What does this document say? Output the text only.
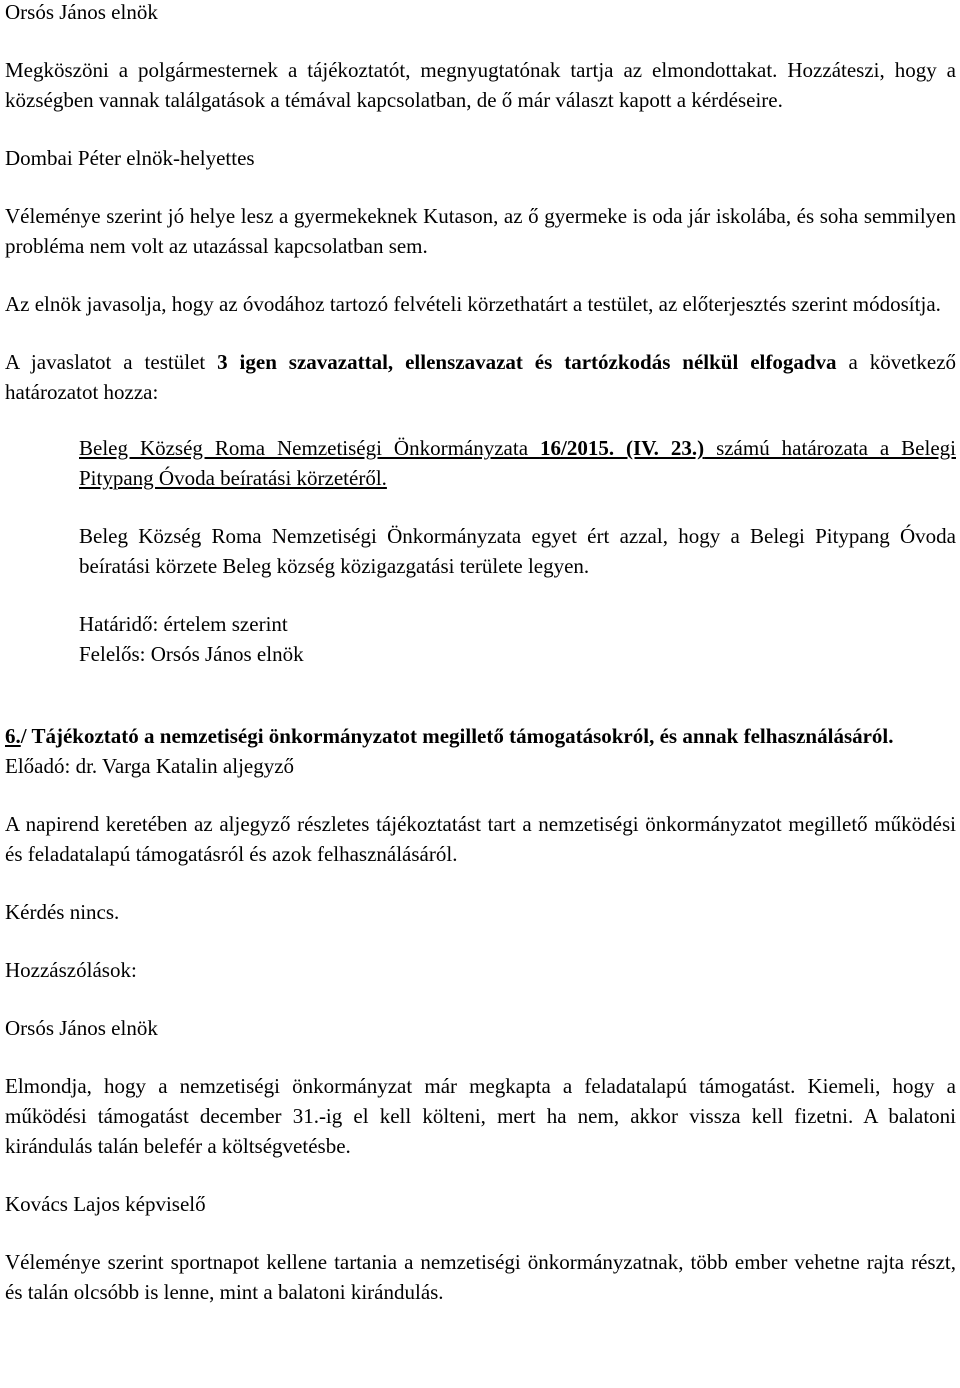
Orsós János elnök

Megköszöni a polgármesternek a tájékoztatót, megnyugtatónak tartja az elmondottakat. Hozzáteszi, hogy a községben vannak találgatások a témával kapcsolatban, de ő már választ kapott a kérdéseire.

Dombai Péter elnök-helyettes

Véleménye szerint jó helye lesz a gyermekeknek Kutason, az ő gyermeke is oda jár iskolába, és soha semmilyen probléma nem volt az utazással kapcsolatban sem.

Az elnök javasolja, hogy az óvodához tartozó felvételi körzethatárt a testület, az előterjesztés szerint módosítja.

A javaslatot a testület 3 igen szavazattal, ellenszavazat és tartózkodás nélkül elfogadva a következő határozatot hozza:

Beleg Község Roma Nemzetiségi Önkormányzata 16/2015. (IV. 23.) számú határozata a Belegi Pitypang Óvoda beíratási körzetéről.

Beleg Község Roma Nemzetiségi Önkormányzata egyet ért azzal, hogy a Belegi Pitypang Óvoda beíratási körzete Beleg község közigazgatási területe legyen.

Határidő: értelem szerint

Felelős: Orsós János elnök

6./ Tájékoztató a nemzetiségi önkormányzatot megillető támogatásokról, és annak felhasználásáról.

Előadó: dr. Varga Katalin aljegyző

A napirend keretében az aljegyző részletes tájékoztatást tart a nemzetiségi önkormányzatot megillető működési és feladatalapú támogatásról és azok felhasználásáról.

Kérdés nincs.

Hozzászólások:

Orsós János elnök

Elmondja, hogy a nemzetiségi önkormányzat már megkapta a feladatalapú támogatást. Kiemeli, hogy a működési támogatást december 31.-ig el kell költeni, mert ha nem, akkor vissza kell fizetni. A balatoni kirándulás talán belefér a költségvetésbe.

Kovács Lajos képviselő

Véleménye szerint sportnapot kellene tartania a nemzetiségi önkormányzatnak, több ember vehetne rajta részt, és talán olcsóbb is lenne, mint a balatoni kirándulás.
